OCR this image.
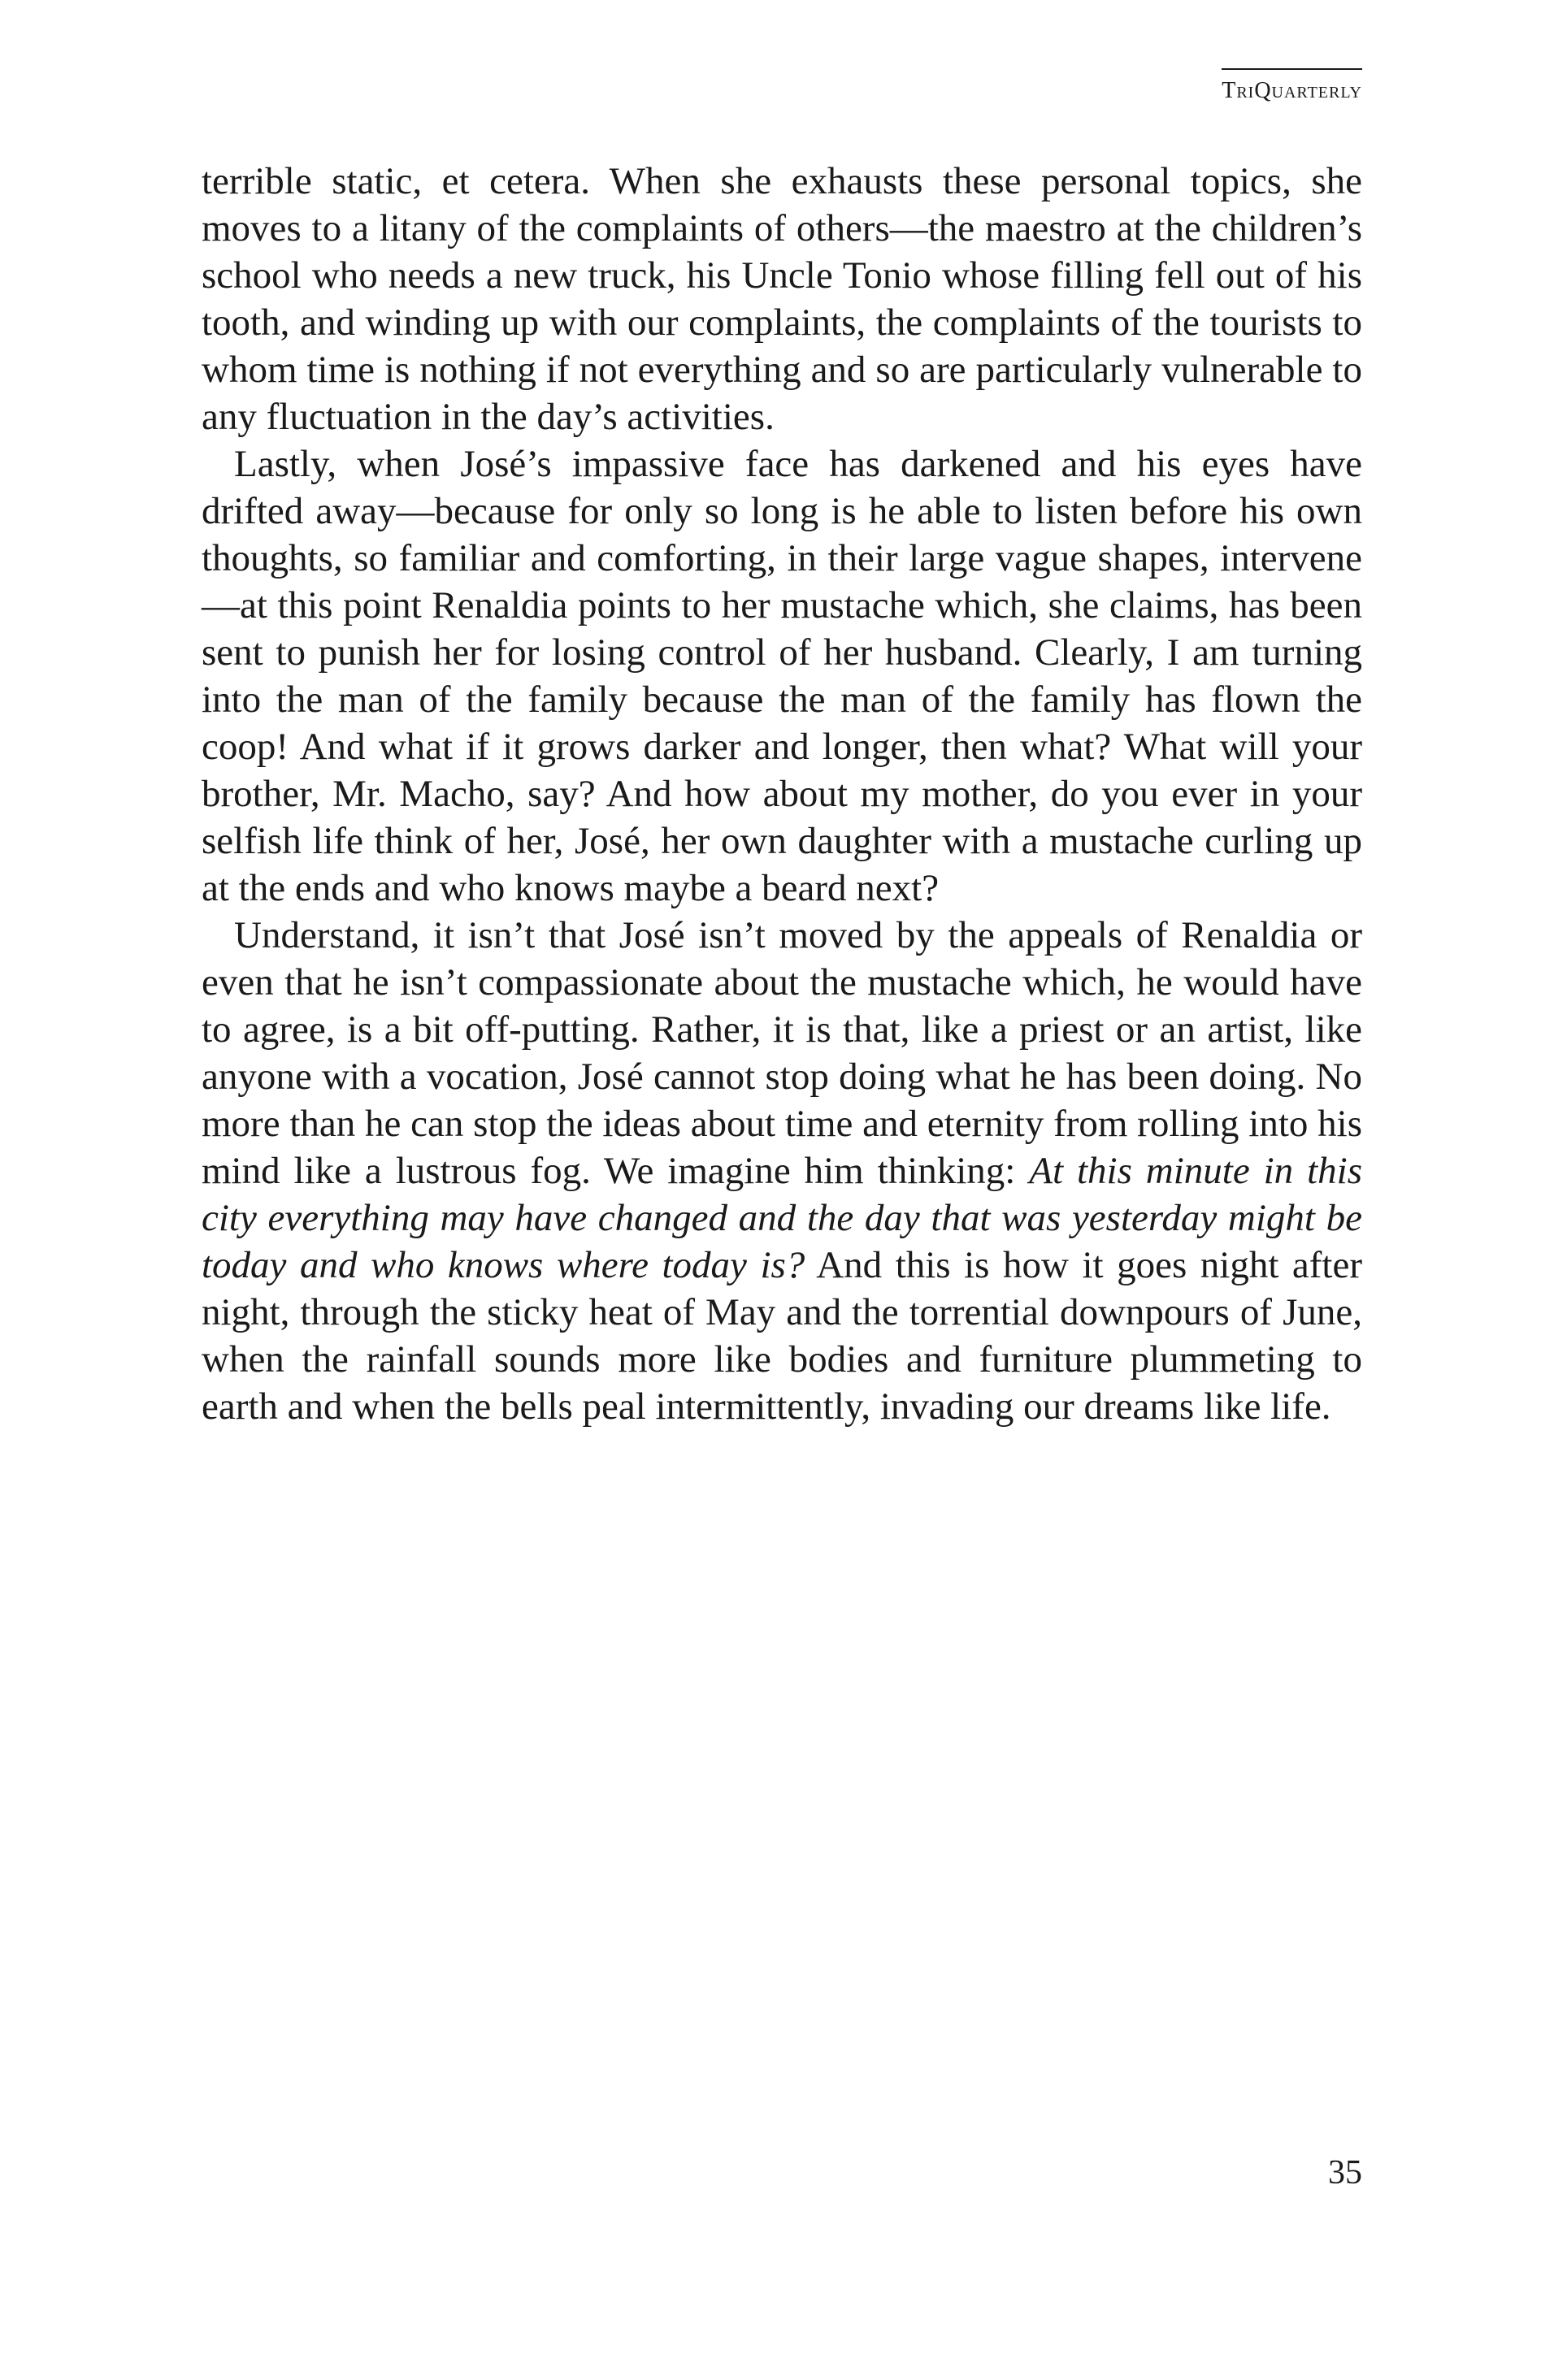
TriQuarterly

terrible static, et cetera. When she exhausts these personal topics, she moves to a litany of the complaints of others—the maestro at the children’s school who needs a new truck, his Uncle Tonio whose filling fell out of his tooth, and winding up with our complaints, the complaints of the tourists to whom time is nothing if not everything and so are particularly vulnerable to any fluctuation in the day’s activities.

Lastly, when José’s impassive face has darkened and his eyes have drifted away—because for only so long is he able to listen before his own thoughts, so familiar and comforting, in their large vague shapes, intervene—at this point Renaldia points to her mustache which, she claims, has been sent to punish her for losing control of her husband. Clearly, I am turning into the man of the family because the man of the family has flown the coop! And what if it grows darker and longer, then what? What will your brother, Mr. Macho, say? And how about my mother, do you ever in your selfish life think of her, José, her own daughter with a mustache curling up at the ends and who knows maybe a beard next?

Understand, it isn’t that José isn’t moved by the appeals of Renaldia or even that he isn’t compassionate about the mustache which, he would have to agree, is a bit off-putting. Rather, it is that, like a priest or an artist, like anyone with a vocation, José cannot stop doing what he has been doing. No more than he can stop the ideas about time and eternity from rolling into his mind like a lustrous fog. We imagine him thinking: At this minute in this city everything may have changed and the day that was yesterday might be today and who knows where today is? And this is how it goes night after night, through the sticky heat of May and the torrential downpours of June, when the rainfall sounds more like bodies and furniture plummeting to earth and when the bells peal intermittently, invading our dreams like life.

35
